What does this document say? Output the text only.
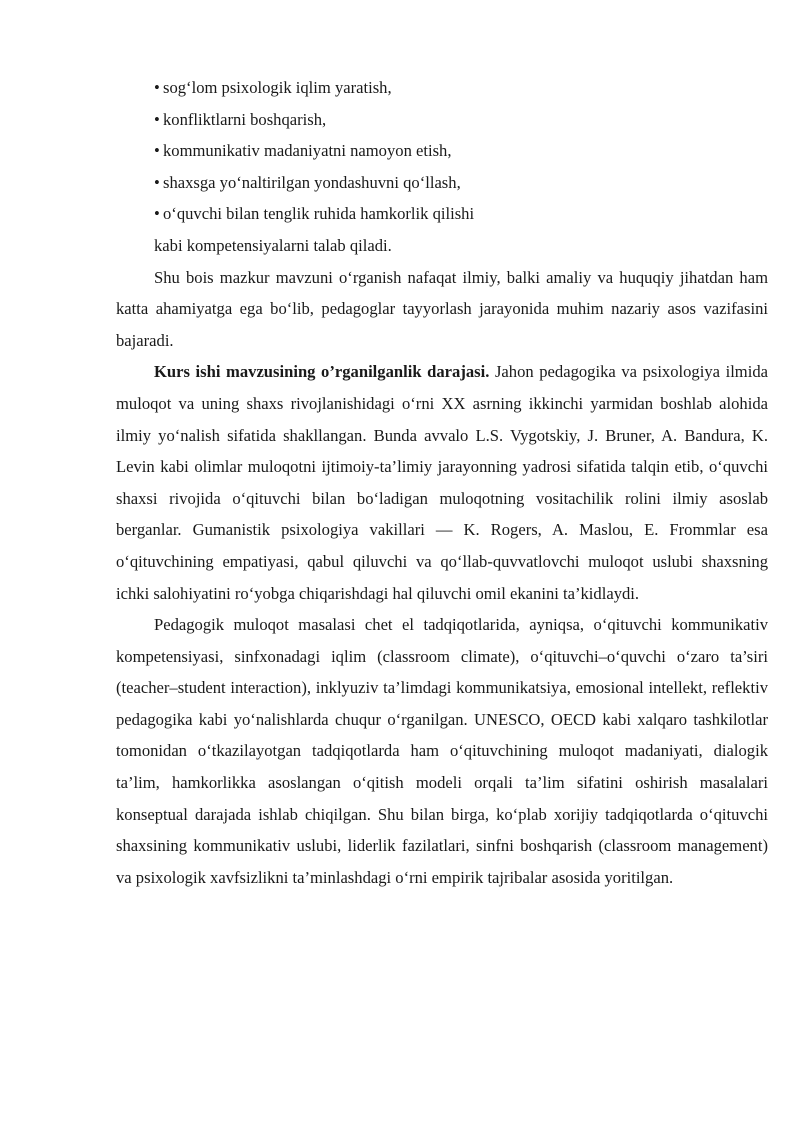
• sog‘lom psixologik iqlim yaratish,
• konfliktlarni boshqarish,
• kommunikativ madaniyatni namoyon etish,
• shaxsga yo‘naltirilgan yondashuvni qo‘llash,
• o‘quvchi bilan tenglik ruhida hamkorlik qilishi
kabi kompetensiyalarni talab qiladi.

Shu bois mazkur mavzuni o‘rganish nafaqat ilmiy, balki amaliy va huquqiy jihatdan ham katta ahamiyatga ega bo‘lib, pedagoglar tayyorlash jarayonida muhim nazariy asos vazifasini bajaradi.

Kurs ishi mavzusining o’rganilganlik darajasi. Jahon pedagogika va psixologiya ilmida muloqot va uning shaxs rivojlanishidagi o‘rni XX asrning ikkinchi yarmidan boshlab alohida ilmiy yo‘nalish sifatida shakllangan. Bunda avvalo L.S. Vygotskiy, J. Bruner, A. Bandura, K. Levin kabi olimlar muloqotni ijtimoiy-ta’limiy jarayonning yadrosi sifatida talqin etib, o‘quvchi shaxsi rivojida o‘qituvchi bilan bo‘ladigan muloqotning vositachilik rolini ilmiy asoslab berganlar. Gumanistik psixologiya vakillari — K. Rogers, A. Maslou, E. Frommlar esa o‘qituvchining empatiyasi, qabul qiluvchi va qo‘llab-quvvatlovchi muloqot uslubi shaxsning ichki salohiyatini ro‘yobga chiqarishdagi hal qiluvchi omil ekanini ta’kidlaydi.

Pedagogik muloqot masalasi chet el tadqiqotlarida, ayniqsa, o‘qituvchi kommunikativ kompetensiyasi, sinfxonadagi iqlim (classroom climate), o‘qituvchi–o‘quvchi o‘zaro ta’siri (teacher–student interaction), inklyuziv ta’limdagi kommunikatsiya, emosional intellekt, reflektiv pedagogika kabi yo‘nalishlarda chuqur o‘rganilgan. UNESCO, OECD kabi xalqaro tashkilotlar tomonidan o‘tkazilayotgan tadqiqotlarda ham o‘qituvchining muloqot madaniyati, dialogik ta’lim, hamkorlikka asoslangan o‘qitish modeli orqali ta’lim sifatini oshirish masalalari konseptual darajada ishlab chiqilgan. Shu bilan birga, ko‘plab xorijiy tadqiqotlarda o‘qituvchi shaxsining kommunikativ uslubi, liderlik fazilatlari, sinfni boshqarish (classroom management) va psixologik xavfsizlikni ta’minlashdagi o‘rni empirik tajribalar asosida yoritilgan.
